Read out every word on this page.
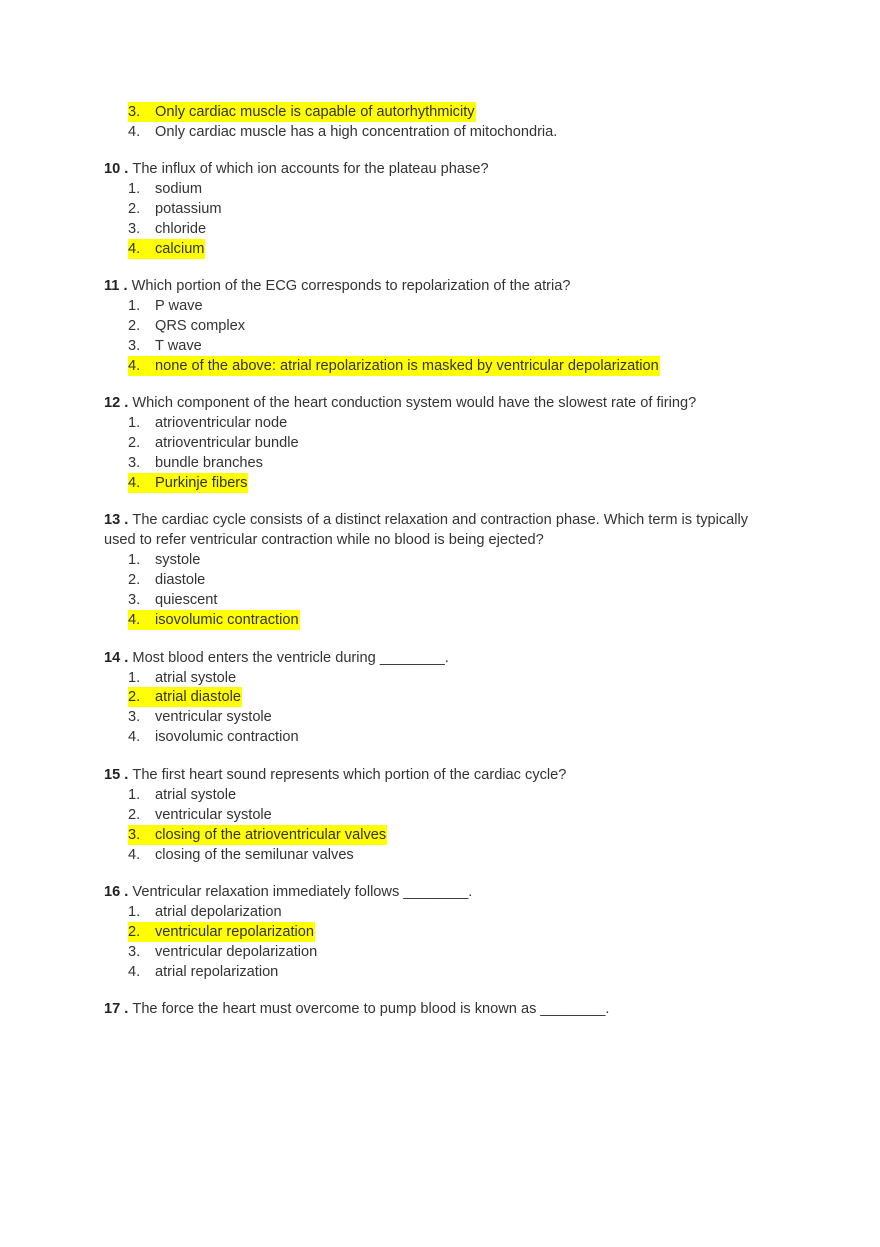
3. Only cardiac muscle is capable of autorhythmicity
4. Only cardiac muscle has a high concentration of mitochondria.
10 . The influx of which ion accounts for the plateau phase?
1. sodium
2. potassium
3. chloride
4. calcium
11 . Which portion of the ECG corresponds to repolarization of the atria?
1. P wave
2. QRS complex
3. T wave
4. none of the above: atrial repolarization is masked by ventricular depolarization
12 . Which component of the heart conduction system would have the slowest rate of firing?
1. atrioventricular node
2. atrioventricular bundle
3. bundle branches
4. Purkinje fibers
13 . The cardiac cycle consists of a distinct relaxation and contraction phase. Which term is typically
used to refer ventricular contraction while no blood is being ejected?
1. systole
2. diastole
3. quiescent
4. isovolumic contraction
14 . Most blood enters the ventricle during ________.
1. atrial systole
2. atrial diastole
3. ventricular systole
4. isovolumic contraction
15 . The first heart sound represents which portion of the cardiac cycle?
1. atrial systole
2. ventricular systole
3. closing of the atrioventricular valves
4. closing of the semilunar valves
16 . Ventricular relaxation immediately follows ________.
1. atrial depolarization
2. ventricular repolarization
3. ventricular depolarization
4. atrial repolarization
17 . The force the heart must overcome to pump blood is known as ________.
